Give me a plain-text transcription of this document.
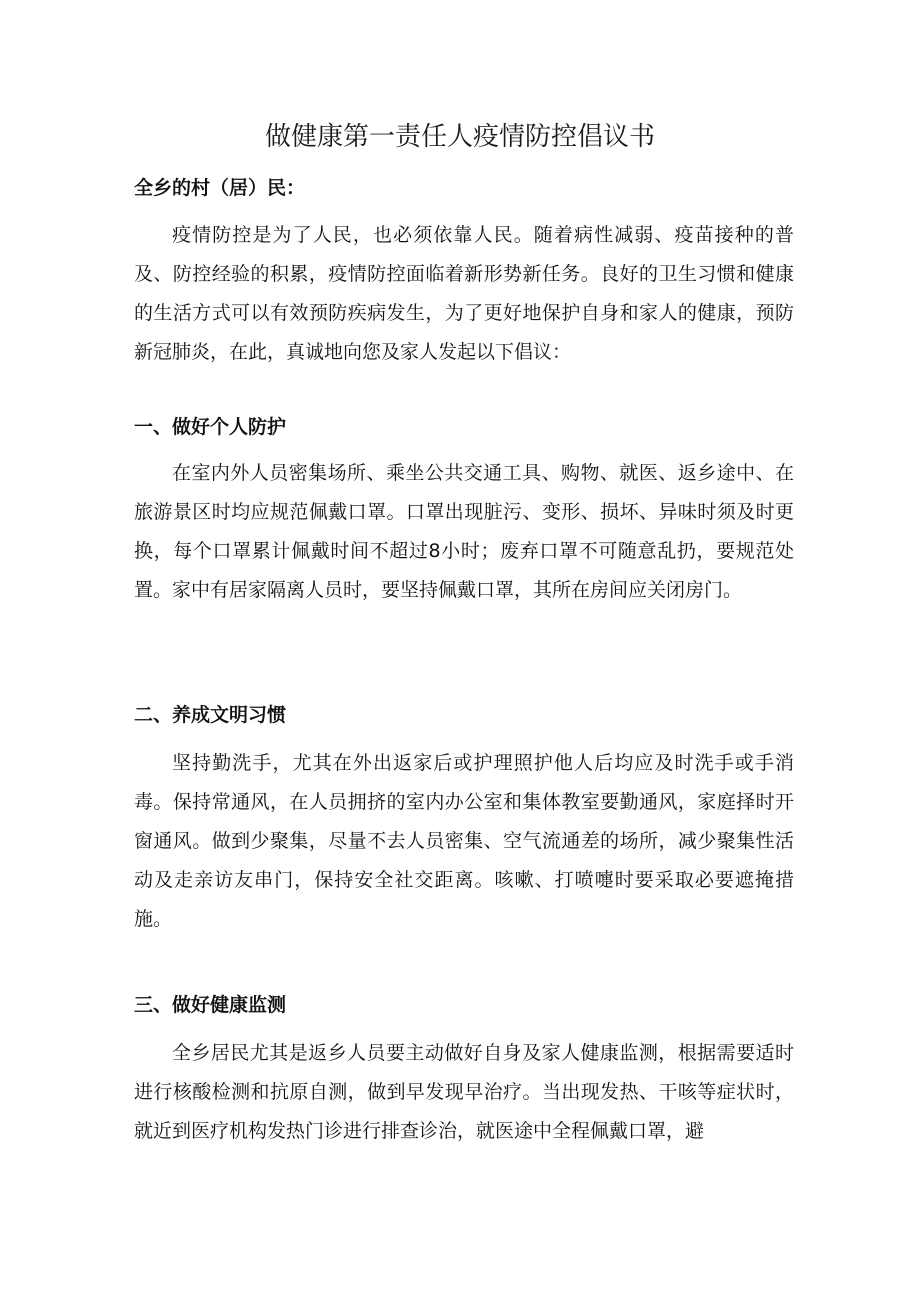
做健康第一责任人疫情防控倡议书

全乡的村（居）民：

疫情防控是为了人民，也必须依靠人民。随着病性减弱、疫苗接种的普及、防控经验的积累，疫情防控面临着新形势新任务。良好的卫生习惯和健康的生活方式可以有效预防疾病发生，为了更好地保护自身和家人的健康，预防新冠肺炎，在此，真诚地向您及家人发起以下倡议：

一、做好个人防护

在室内外人员密集场所、乘坐公共交通工具、购物、就医、返乡途中、在旅游景区时均应规范佩戴口罩。口罩出现脏污、变形、损坏、异味时须及时更换，每个口罩累计佩戴时间不超过8小时；废弃口罩不可随意乱扔，要规范处置。家中有居家隔离人员时，要坚持佩戴口罩，其所在房间应关闭房门。

二、养成文明习惯

坚持勤洗手，尤其在外出返家后或护理照护他人后均应及时洗手或手消毒。保持常通风，在人员拥挤的室内办公室和集体教室要勤通风，家庭择时开窗通风。做到少聚集，尽量不去人员密集、空气流通差的场所，减少聚集性活动及走亲访友串门，保持安全社交距离。咳嗽、打喷嚏时要采取必要遮掩措施。

三、做好健康监测

全乡居民尤其是返乡人员要主动做好自身及家人健康监测，根据需要适时进行核酸检测和抗原自测，做到早发现早治疗。当出现发热、干咳等症状时，就近到医疗机构发热门诊进行排查诊治，就医途中全程佩戴口罩，避
